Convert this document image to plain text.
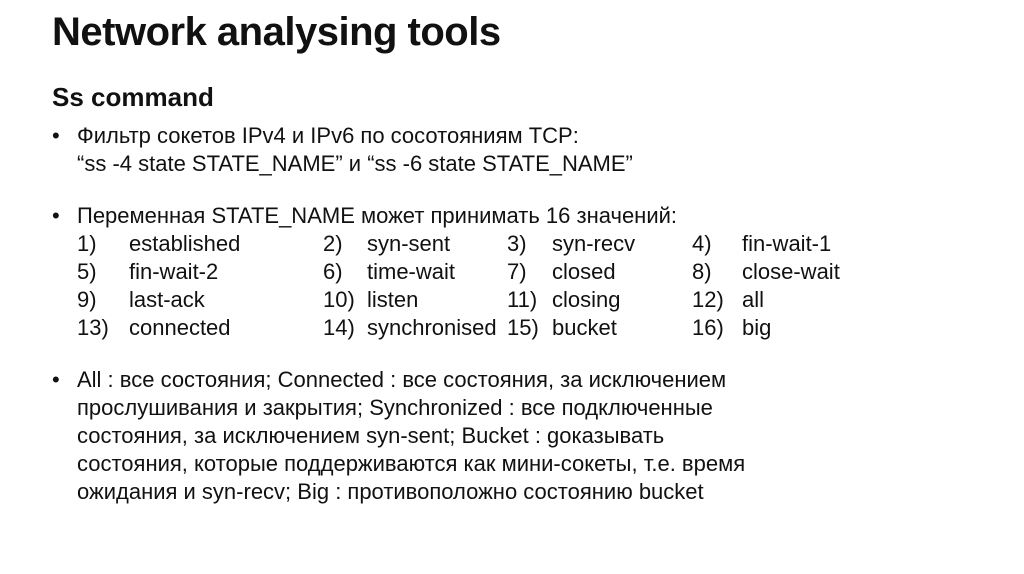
Network analysing tools
Ss command
• Фильтр сокетов IPv4 и IPv6 по сосотояниям TCP:
“ss -4 state STATE_NAME” и “ss -6 state STATE_NAME”
• Переменная STATE_NAME может принимать 16 значений:
1) established	2) syn-sent	3) syn-recv	4) fin-wait-1
5) fin-wait-2	6) time-wait 7) closed	8) close-wait
9) last-ack	10) listen	11) closing	12) all
13) connected	14) synchronised 15) bucket	16) big
• All : все состояния; Connected : все состояния, за исключением
прослушивания и закрытия; Synchronized : все подключенные
состояния, за исключением syn-sent; Bucket : gоказывать
состояния, которые поддерживаются как мини-сокеты, т.е. время
ожидания и syn-recv; Big : противоположно состоянию bucket
